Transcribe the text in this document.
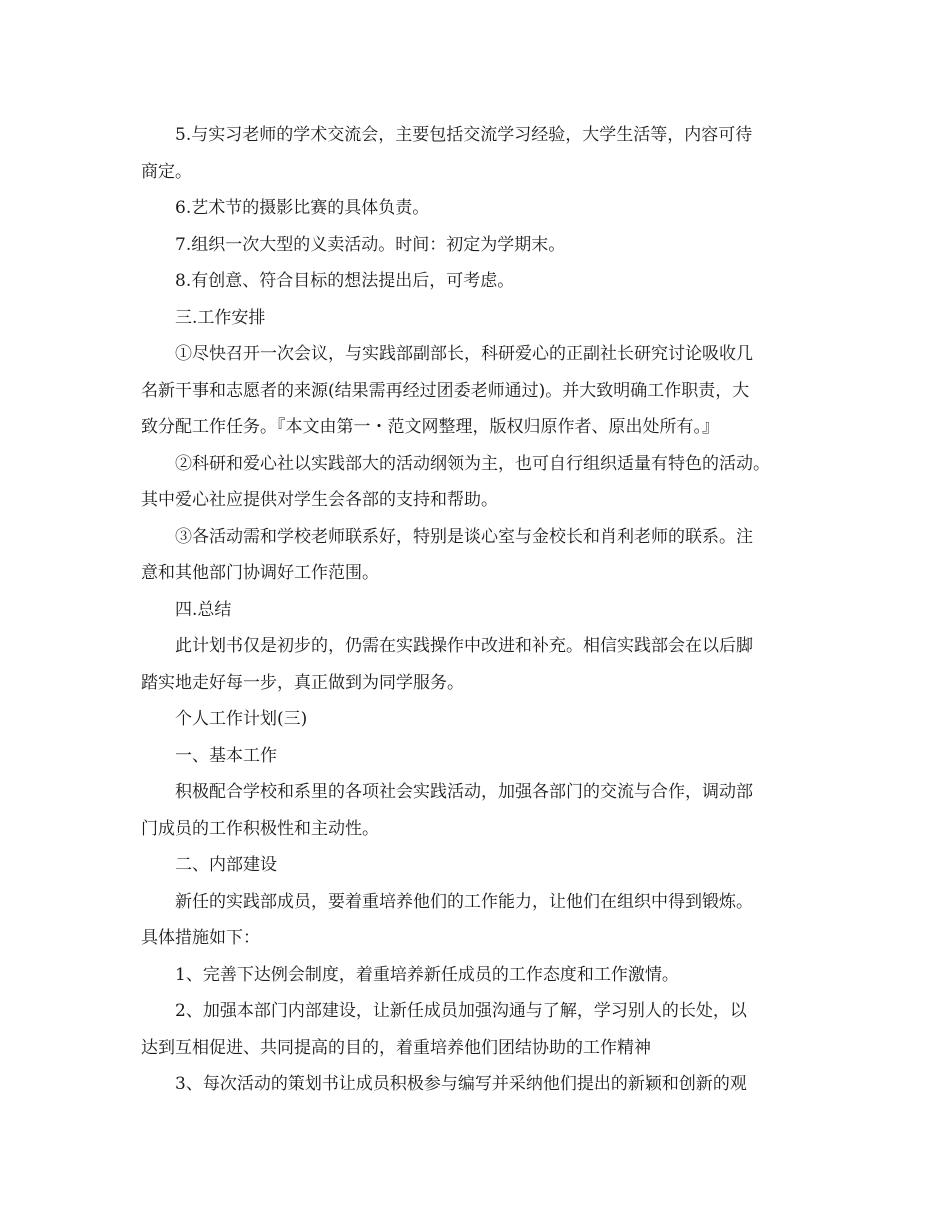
5.与实习老师的学术交流会，主要包括交流学习经验，大学生活等，内容可待
商定。
6.艺术节的摄影比赛的具体负责。
7.组织一次大型的义卖活动。时间：初定为学期末。
8.有创意、符合目标的想法提出后，可考虑。
三.工作安排
①尽快召开一次会议，与实践部副部长，科研爱心的正副社长研究讨论吸收几
名新干事和志愿者的来源(结果需再经过团委老师通过)。并大致明确工作职责，大
致分配工作任务。『本文由第一・范文网整理，版权归原作者、原出处所有。』
②科研和爱心社以实践部大的活动纲领为主，也可自行组织适量有特色的活动。
其中爱心社应提供对学生会各部的支持和帮助。
③各活动需和学校老师联系好，特别是谈心室与金校长和肖利老师的联系。注
意和其他部门协调好工作范围。
四.总结
此计划书仅是初步的，仍需在实践操作中改进和补充。相信实践部会在以后脚
踏实地走好每一步，真正做到为同学服务。
个人工作计划(三)
一、基本工作
积极配合学校和系里的各项社会实践活动，加强各部门的交流与合作，调动部
门成员的工作积极性和主动性。
二、内部建设
新任的实践部成员，要着重培养他们的工作能力，让他们在组织中得到锻炼。
具体措施如下：
1、完善下达例会制度，着重培养新任成员的工作态度和工作激情。
2、加强本部门内部建设，让新任成员加强沟通与了解，学习别人的长处，以
达到互相促进、共同提高的目的，着重培养他们团结协助的工作精神
3、每次活动的策划书让成员积极参与编写并采纳他们提出的新颖和创新的观
